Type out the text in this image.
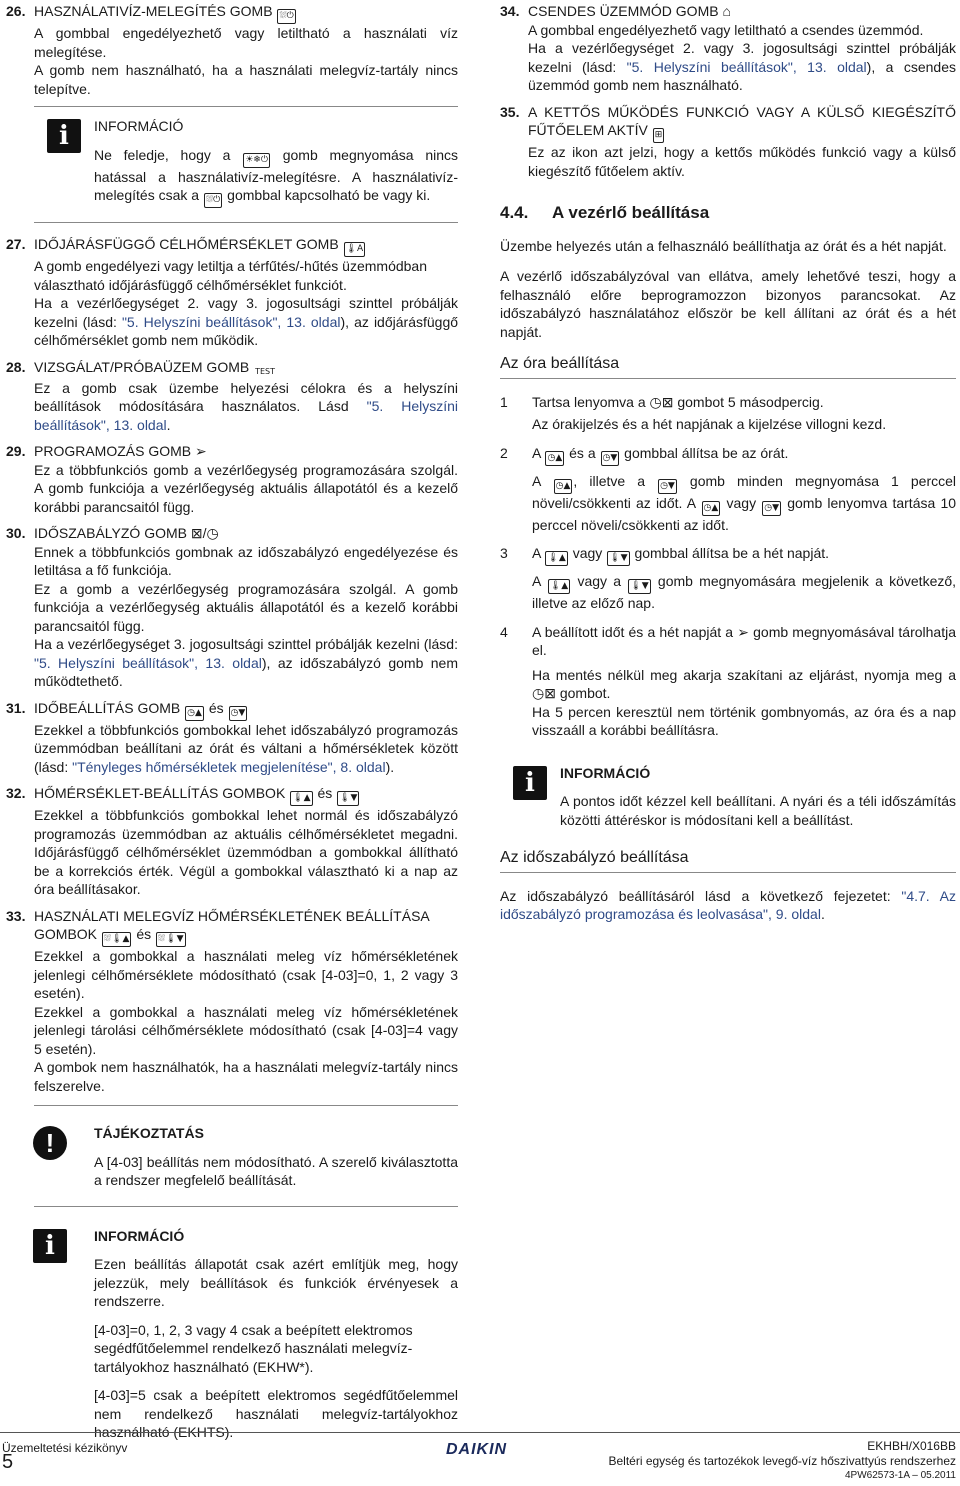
26. HASZNÁLATIVÍZ-MELEGÍTÉS GOMB ⛆⏻

A gombbal engedélyezhető vagy letiltható a használati víz melegítése.

A gomb nem használható, ha a használati melegvíz-tartály nincs telepítve.

i	INFORMÁCIÓ

Ne feledje, hogy a ☀❄⏻ gomb megnyomása nincs hatással a használativíz-melegítésre. A használativíz-melegítés csak a ⛆⏻ gombbal kapcsolható be vagy ki.

27. IDŐJÁRÁSFÜGGŐ CÉLHŐMÉRSÉKLET GOMB 🌡A

A gomb engedélyezi vagy letiltja a térfűtés/-hűtés üzemmódban választható időjárásfüggő célhőmérséklet funkciót.

Ha a vezérlőegységet 2. vagy 3. jogosultsági szinttel próbálják kezelni (lásd: "5. Helyszíni beállítások", 13. oldal), az időjárásfüggő célhőmérséklet gomb nem működik.

28. VIZSGÁLAT/PRÓBAÜZEM GOMB TEST

Ez a gomb csak üzembe helyezési célokra és a helyszíni beállítások módosítására használatos. Lásd "5. Helyszíni beállítások", 13. oldal.

29. PROGRAMOZÁS GOMB ➢

Ez a többfunkciós gomb a vezérlőegység programozására szolgál. A gomb funkciója a vezérlőegység aktuális állapotától és a kezelő korábbi parancsaitól függ.

30. IDŐSZABÁLYZÓ GOMB ⊠/◷

Ennek a többfunkciós gombnak az időszabályzó engedélyezése és letiltása a fő funkciója.

Ez a gomb a vezérlőegység programozására szolgál. A gomb funkciója a vezérlőegység aktuális állapotától és a kezelő korábbi parancsaitól függ.

Ha a vezérlőegységet 3. jogosultsági szinttel próbálják kezelni (lásd: "5. Helyszíni beállítások", 13. oldal), az időszabályzó gomb nem működtethető.

31. IDŐBEÁLLÍTÁS GOMB ◷▲ és ◷▼

Ezekkel a többfunkciós gombokkal lehet időszabályzó programozás üzemmódban beállítani az órát és váltani a hőmérsékletek között (lásd: "Tényleges hőmérsékletek megjelenítése", 8. oldal).

32. HŐMÉRSÉKLET-BEÁLLÍTÁS GOMBOK 🌡▲ és 🌡▼

Ezekkel a többfunkciós gombokkal lehet normál és időszabályzó programozás üzemmódban az aktuális célhőmérsékletet megadni. Időjárásfüggő célhőmérséklet üzemmódban a gombokkal állítható be a korrekciós érték. Végül a gombokkal választható ki a nap az óra beállításakor.

33. HASZNÁLATI MELEGVÍZ HŐMÉRSÉKLETÉNEK BEÁLLÍTÁSA GOMBOK ⛆🌡▲ és ⛆🌡▼

Ezekkel a gombokkal a használati meleg víz hőmérsékletének jelenlegi célhőmérséklete módosítható (csak [4-03]=0, 1, 2 vagy 3 esetén).

Ezekkel a gombokkal a használati meleg víz hőmérsékletének jelenlegi tárolási célhőmérséklete módosítható (csak [4-03]=4 vagy 5 esetén).

A gombok nem használhatók, ha a használati melegvíz-tartály nincs felszerelve.

!	TÁJÉKOZTATÁS

A [4-03] beállítás nem módosítható. A szerelő kiválasztotta a rendszer megfelelő beállítását.

i	INFORMÁCIÓ

Ezen beállítás állapotát csak azért említjük meg, hogy jelezzük, mely beállítások és funkciók érvényesek a rendszerre.

[4-03]=0, 1, 2, 3 vagy 4 csak a beépített elektromos segédfűtőelemmel rendelkező használati melegvíz-tartályokhoz használható (EKHW*).

[4-03]=5 csak a beépített elektromos segédfűtőelemmel nem rendelkező használati melegvíz-tartályokhoz használható (EKHTS).

34. CSENDES ÜZEMMÓD GOMB ⌂

A gombbal engedélyezhető vagy letiltható a csendes üzemmód.

Ha a vezérlőegységet 2. vagy 3. jogosultsági szinttel próbálják kezelni (lásd: "5. Helyszíni beállítások", 13. oldal), a csendes üzemmód gomb nem használható.

35. A KETTŐS MŰKÖDÉS FUNKCIÓ VAGY A KÜLSŐ KIEGÉSZÍTŐ FŰTŐELEM AKTÍV ⊞

Ez az ikon azt jelzi, hogy a kettős működés funkció vagy a külső kiegészítő fűtőelem aktív.

4.4.	A vezérlő beállítása

Üzembe helyezés után a felhasználó beállíthatja az órát és a hét napját.

A vezérlő időszabályzóval van ellátva, amely lehetővé teszi, hogy a felhasználó előre beprogramozzon bizonyos parancsokat. Az időszabályzó használatához először be kell állítani az órát és a hét napját.

Az óra beállítása
1	Tartsa lenyomva a ◷⊠ gombot 5 másodpercig.

Az órakijelzés és a hét napjának a kijelzése villogni kezd.

2	A ◷▲ és a ◷▼ gombbal állítsa be az órát.

A ◷▲ , illetve a ◷▼ gomb minden megnyomása 1 perccel növeli/csökkenti az időt. A ◷▲ vagy ◷▼ gomb lenyomva tartása 10 perccel növeli/csökkenti az időt.

3	A 🌡▲ vagy 🌡▼ gombbal állítsa be a hét napját.

A 🌡▲ vagy a 🌡▼ gomb megnyomására megjelenik a következő, illetve az előző nap.

4	A beállított időt és a hét napját a ➢ gomb megnyomásával tárolhatja el.

Ha mentés nélkül meg akarja szakítani az eljárást, nyomja meg a ◷⊠ gombot.

Ha 5 percen keresztül nem történik gombnyomás, az óra és a nap visszaáll a korábbi beállításra.

i	INFORMÁCIÓ

A pontos időt kézzel kell beállítani. A nyári és a téli időszámítás közötti áttéréskor is módosítani kell a beállítást.

Az időszabályzó beállítása

Az időszabályzó beállításáról lásd a következő fejezetet: "4.7. Az időszabályzó programozása és leolvasása", 9. oldal.

Üzemeltetési kézikönyv
5
DAIKIN	EKHBH/X016BB
Beltéri egység és tartozékok levegő-víz hőszivattyús rendszerhez
4PW62573-1A – 05.2011
